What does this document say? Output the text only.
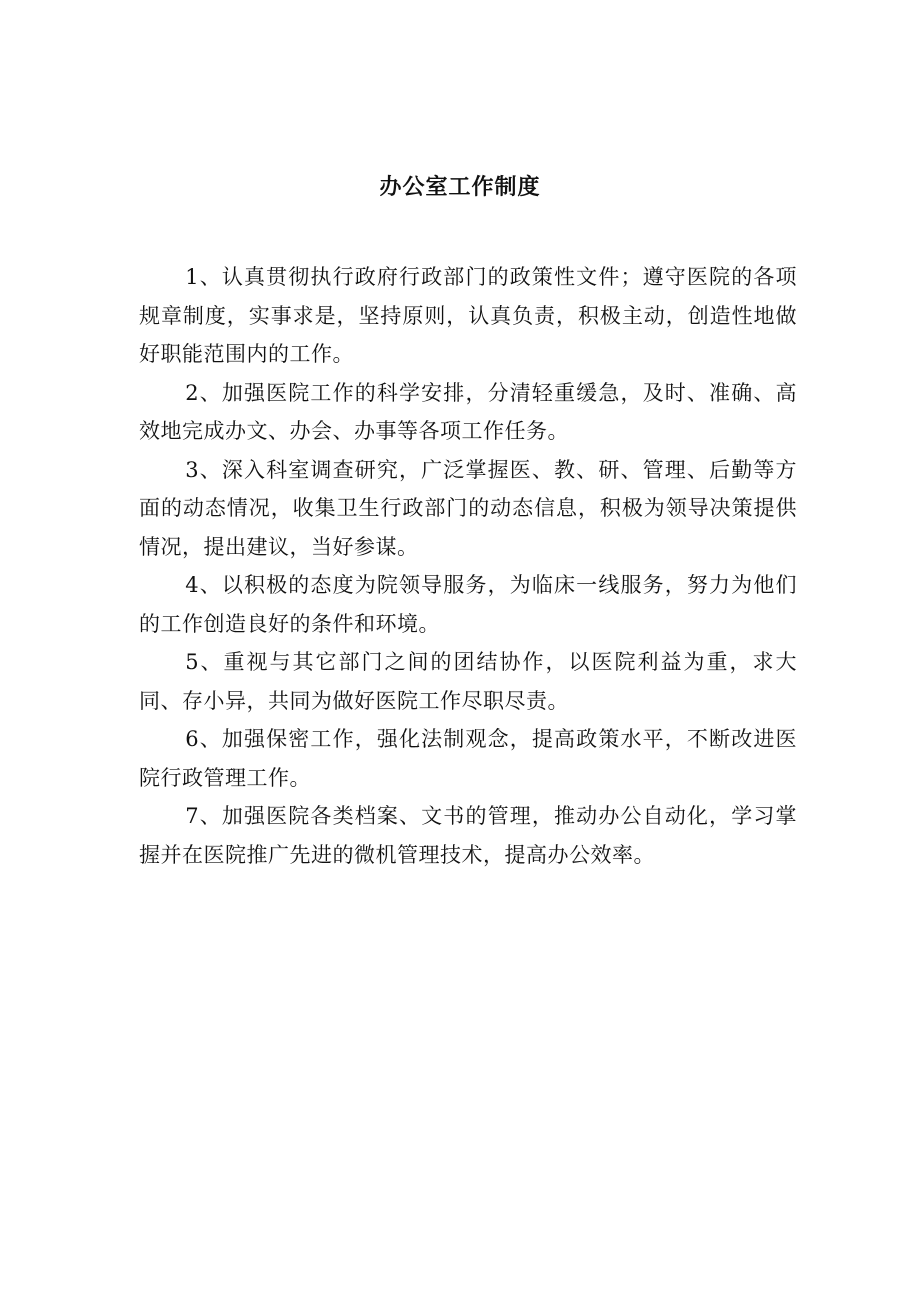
办公室工作制度

1、认真贯彻执行政府行政部门的政策性文件；遵守医院的各项规章制度，实事求是，坚持原则，认真负责，积极主动，创造性地做好职能范围内的工作。

2、加强医院工作的科学安排，分清轻重缓急，及时、准确、高效地完成办文、办会、办事等各项工作任务。

3、深入科室调查研究，广泛掌握医、教、研、管理、后勤等方面的动态情况，收集卫生行政部门的动态信息，积极为领导决策提供情况，提出建议，当好参谋。

4、以积极的态度为院领导服务，为临床一线服务，努力为他们的工作创造良好的条件和环境。

5、重视与其它部门之间的团结协作，以医院利益为重，求大同、存小异，共同为做好医院工作尽职尽责。

6、加强保密工作，强化法制观念，提高政策水平，不断改进医院行政管理工作。

7、加强医院各类档案、文书的管理，推动办公自动化，学习掌握并在医院推广先进的微机管理技术，提高办公效率。
